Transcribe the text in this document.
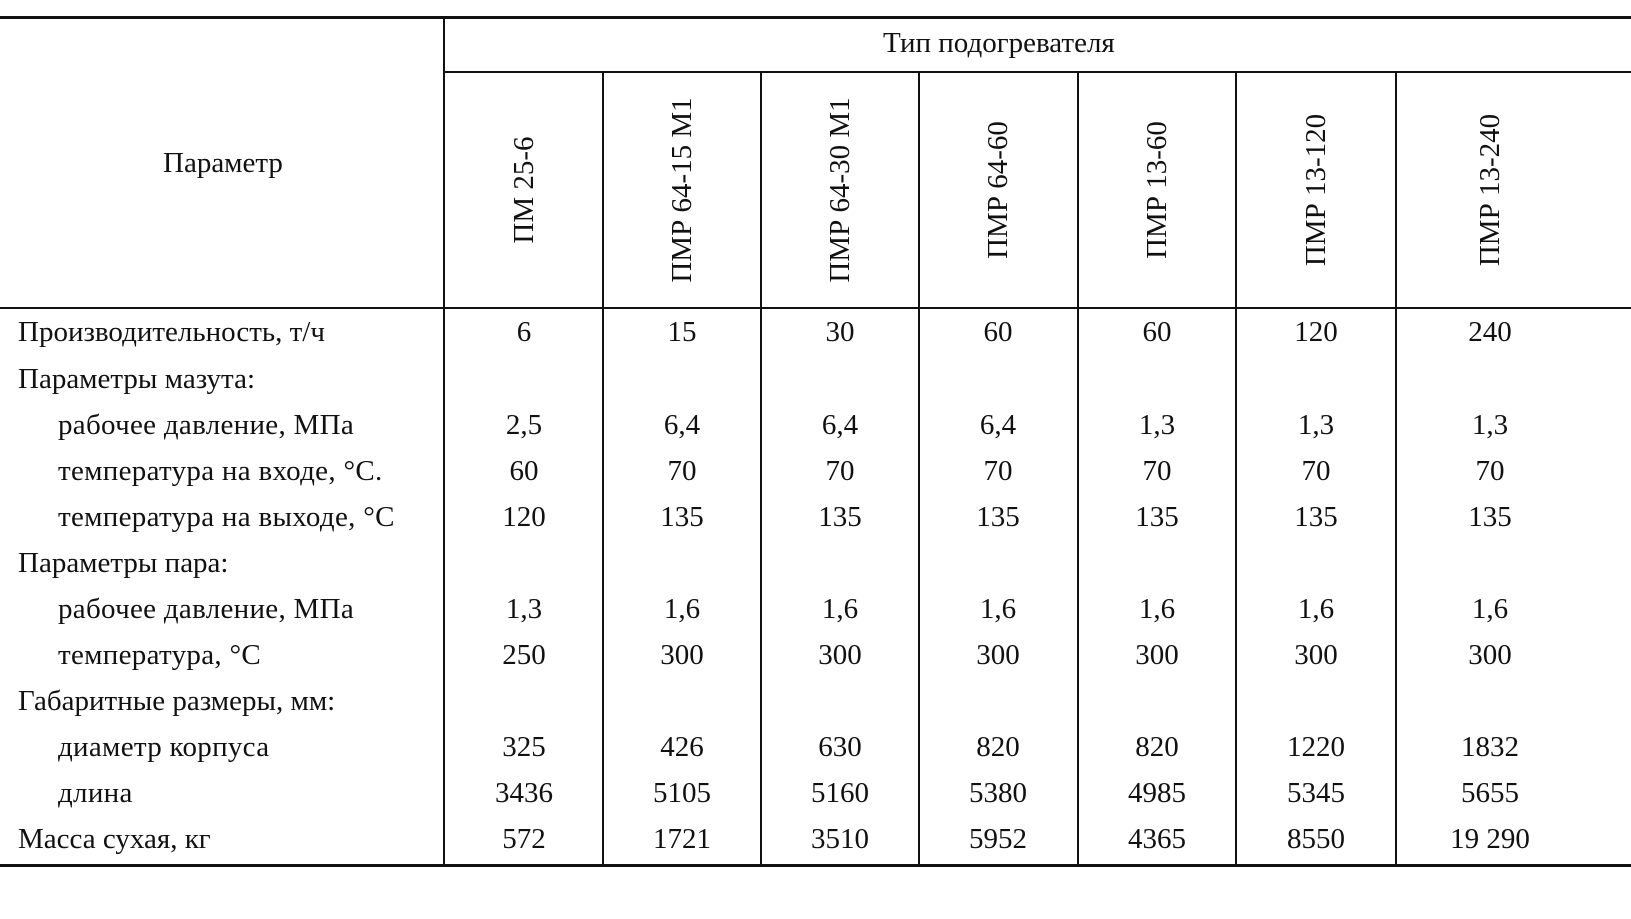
Параметр
Тип подогревателя
ПМ 25-6	ПМР 64-15 М1	ПМР 64-30 М1	ПМР 64-60	ПМР 13-60	ПМР 13-120	ПМР 13-240
Производительность, т/ч	6	15	30	60	60	120	240
Параметры мазута:
рабочее давление, МПа	2,5	6,4	6,4	6,4	1,3	1,3	1,3
температура на входе, °С.	60	70	70	70	70	70	70
температура на выходе, °С	120	135	135	135	135	135	135
Параметры пара:
рабочее давление, МПа	1,3	1,6	1,6	1,6	1,6	1,6	1,6
температура, °С	250	300	300	300	300	300	300
Габаритные размеры, мм:
диаметр корпуса	325	426	630	820	820	1220	1832
длина	3436	5105	5160	5380	4985	5345	5655
Масса сухая, кг	572	1721	3510	5952	4365	8550	19 290
